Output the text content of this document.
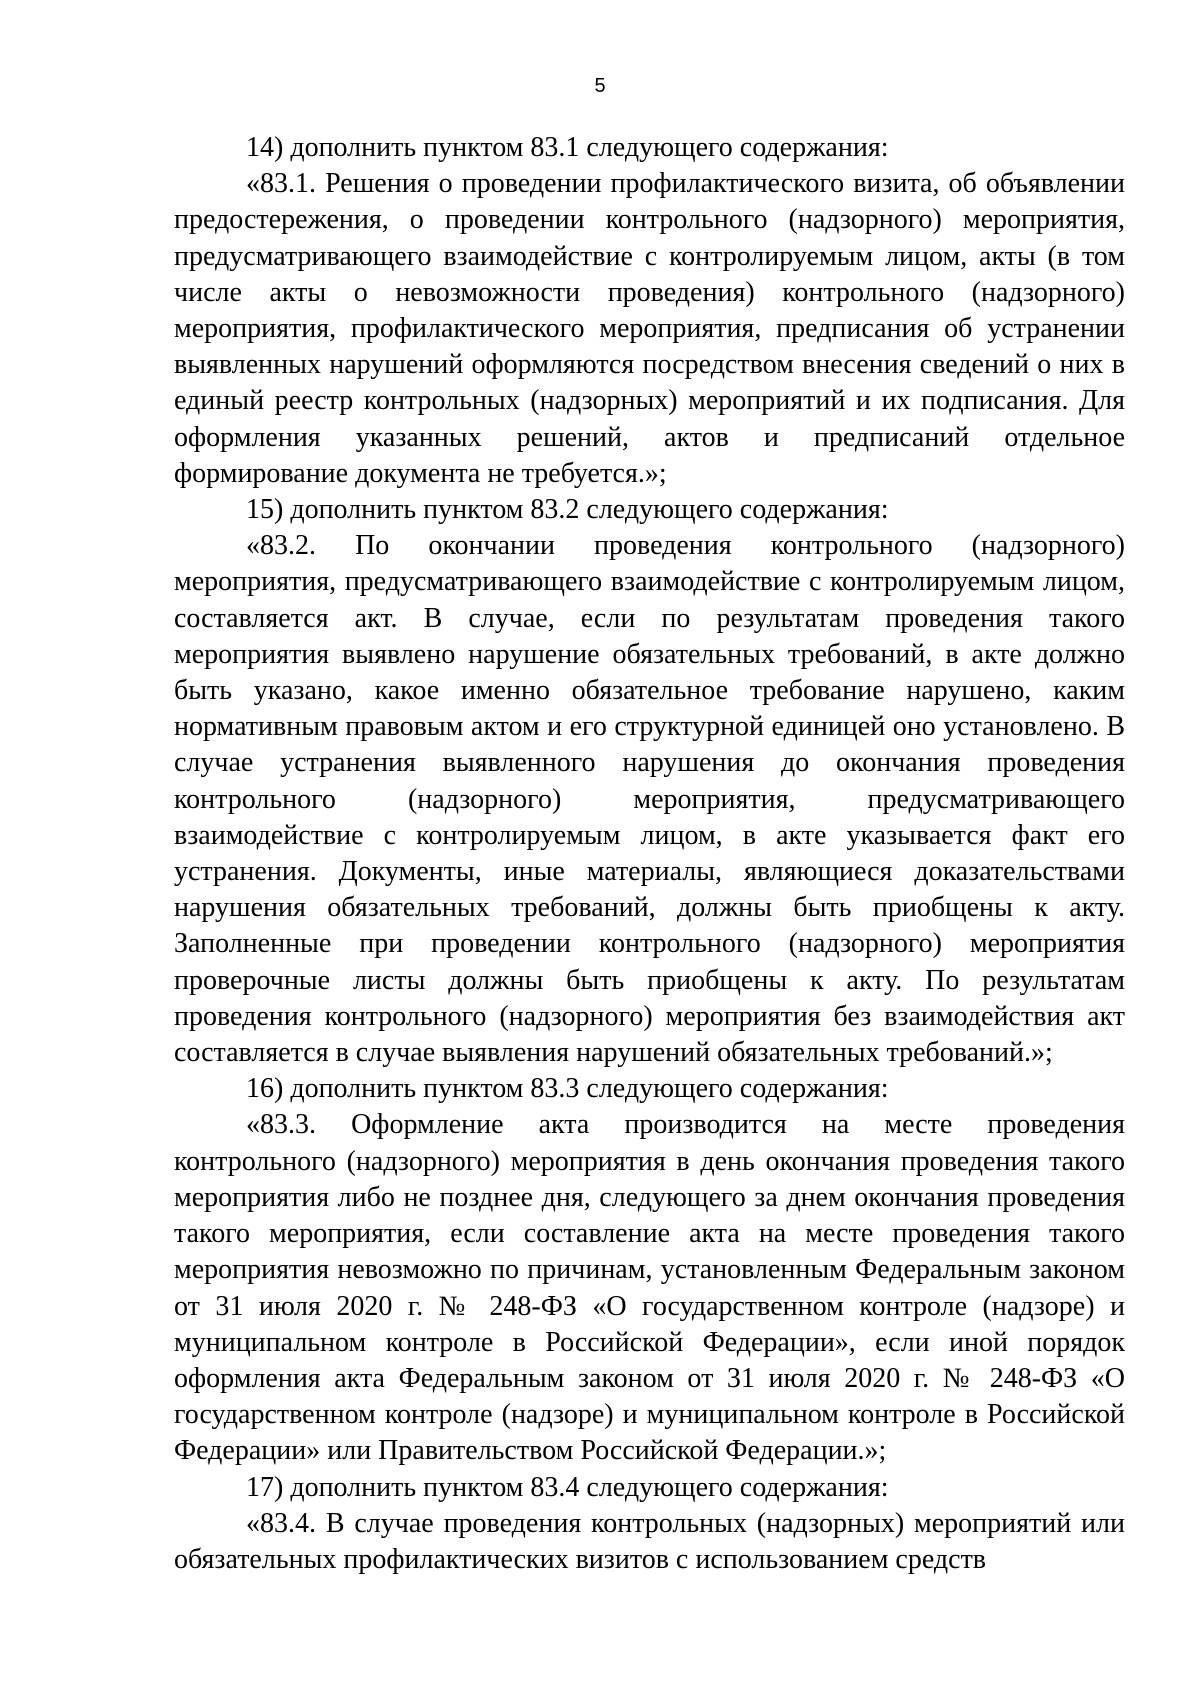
5

14) дополнить пунктом 83.1 следующего содержания:

«83.1. Решения о проведении профилактического визита, об объявлении предостережения, о проведении контрольного (надзорного) мероприятия, предусматривающего взаимодействие с контролируемым лицом, акты (в том числе акты о невозможности проведения) контрольного (надзорного) мероприятия, профилактического мероприятия, предписания об устранении выявленных нарушений оформляются посредством внесения сведений о них в единый реестр контрольных (надзорных) мероприятий и их подписания. Для оформления указанных решений, актов и предписаний отдельное формирование документа не требуется.»;

15) дополнить пунктом 83.2 следующего содержания:

«83.2. По окончании проведения контрольного (надзорного) мероприятия, предусматривающего взаимодействие с контролируемым лицом, составляется акт. В случае, если по результатам проведения такого мероприятия выявлено нарушение обязательных требований, в акте должно быть указано, какое именно обязательное требование нарушено, каким нормативным правовым актом и его структурной единицей оно установлено. В случае устранения выявленного нарушения до окончания проведения контрольного (надзорного) мероприятия, предусматривающего взаимодействие с контролируемым лицом, в акте указывается факт его устранения. Документы, иные материалы, являющиеся доказательствами нарушения обязательных требований, должны быть приобщены к акту. Заполненные при проведении контрольного (надзорного) мероприятия проверочные листы должны быть приобщены к акту. По результатам проведения контрольного (надзорного) мероприятия без взаимодействия акт составляется в случае выявления нарушений обязательных требований.»;

16) дополнить пунктом 83.3 следующего содержания:

«83.3. Оформление акта производится на месте проведения контрольного (надзорного) мероприятия в день окончания проведения такого мероприятия либо не позднее дня, следующего за днем окончания проведения такого мероприятия, если составление акта на месте проведения такого мероприятия невозможно по причинам, установленным Федеральным законом от 31 июля 2020 г. № 248-ФЗ «О государственном контроле (надзоре) и муниципальном контроле в Российской Федерации», если иной порядок оформления акта Федеральным законом от 31 июля 2020 г. № 248-ФЗ «О государственном контроле (надзоре) и муниципальном контроле в Российской Федерации» или Правительством Российской Федерации.»;

17) дополнить пунктом 83.4 следующего содержания:

«83.4. В случае проведения контрольных (надзорных) мероприятий или обязательных профилактических визитов с использованием средств
